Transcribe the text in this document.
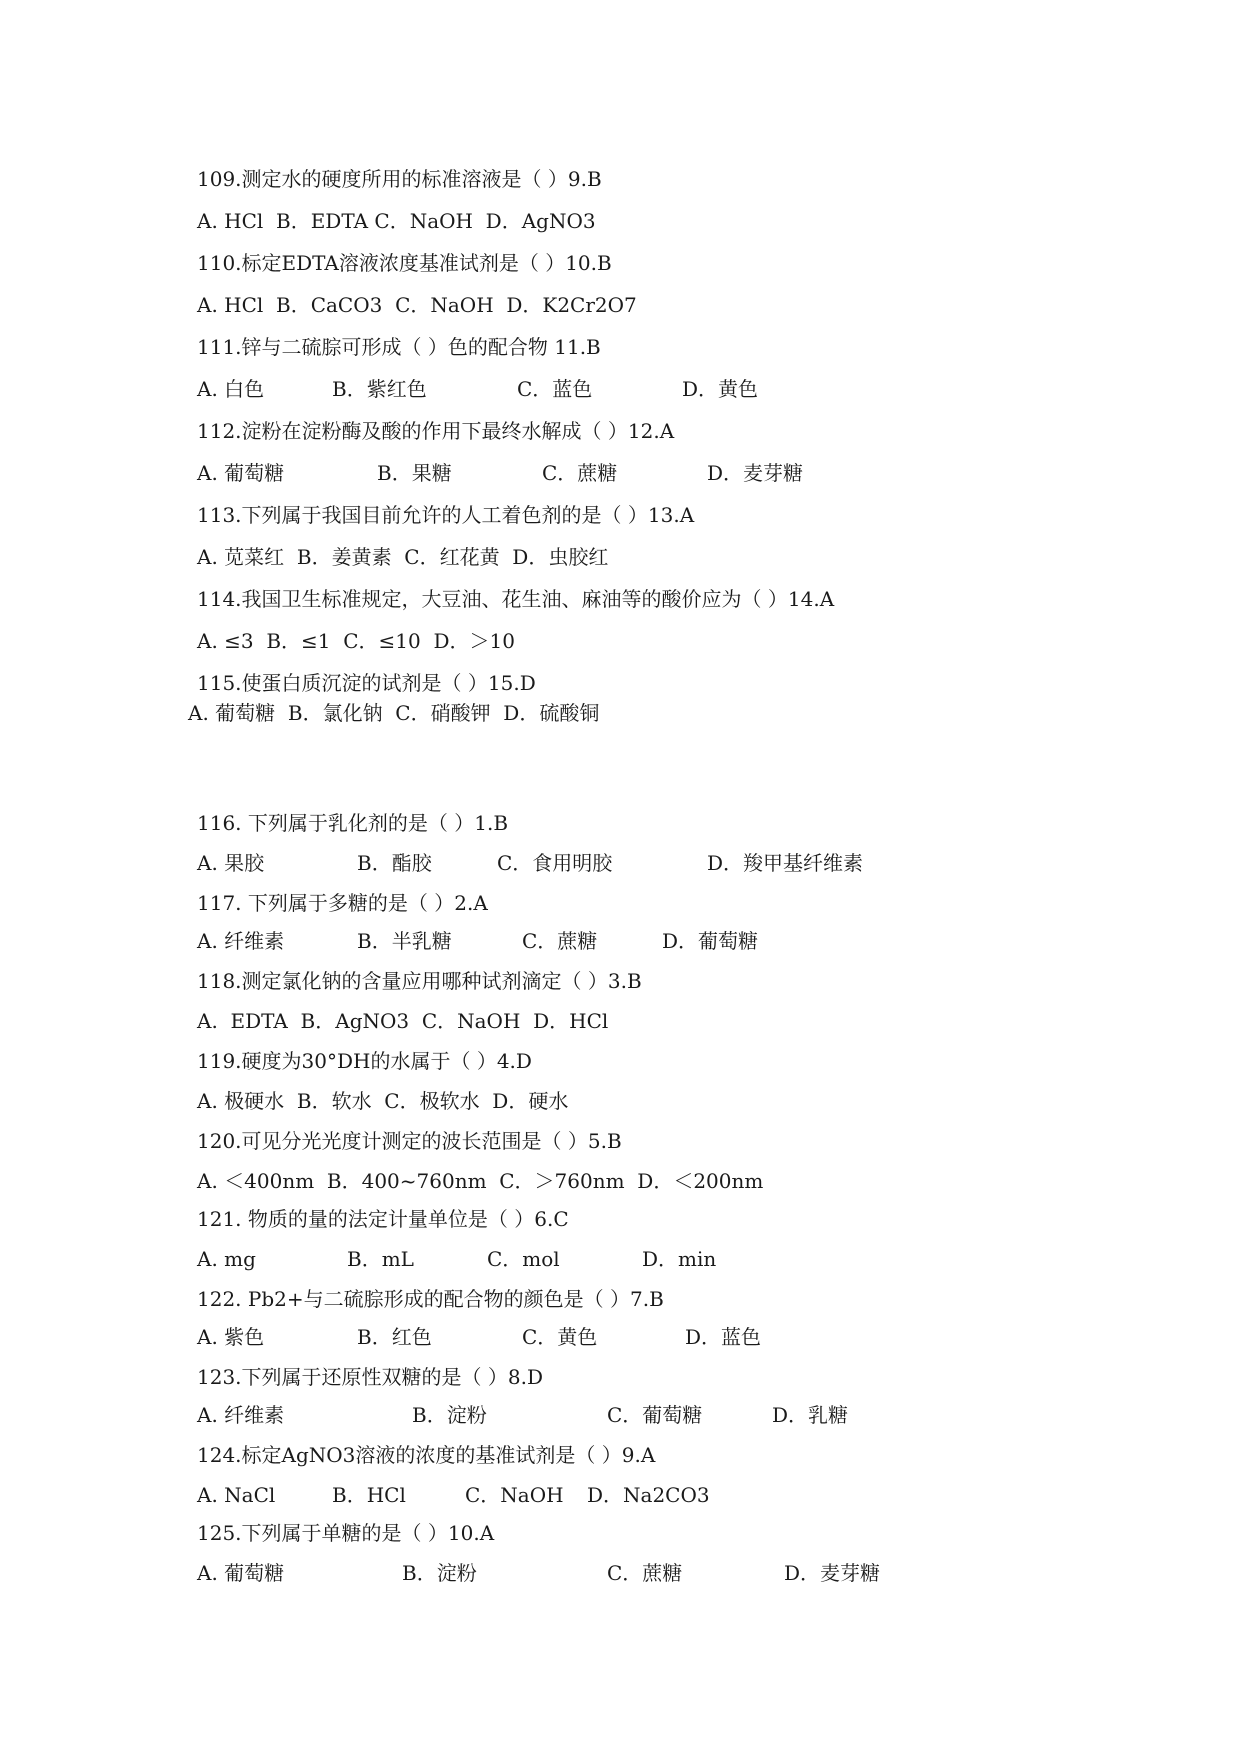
109.测定水的硬度所用的标准溶液是（ ）9.B

A. HCl  B．EDTA C．NaOH  D．AgNO3

110.标定EDTA溶液浓度基准试剂是（ ）10.B

A. HCl  B．CaCO3  C．NaOH  D．K2Cr2O7

111.锌与二硫腙可形成（ ）色的配合物 11.B

A. 白色

	B．紫红色

	C．蓝色

	D．黄色

112.淀粉在淀粉酶及酸的作用下最终水解成（ ）12.A

A. 葡萄糖

	B．果糖

	C．蔗糖

	D．麦芽糖

113.下列属于我国目前允许的人工着色剂的是（ ）13.A

A. 苋菜红  B．姜黄素  C．红花黄  D．虫胶红

114.我国卫生标准规定，大豆油、花生油、麻油等的酸价应为（ ）14.A

A. ≤3  B．≤1  C．≤10  D．＞10

115.使蛋白质沉淀的试剂是（ ）15.D

A. 葡萄糖  B．氯化钠  C．硝酸钾  D．硫酸铜

116. 下列属于乳化剂的是（ ）1.B

A. 果胶

	B．酯胶

	C．食用明胶

	D．羧甲基纤维素

117. 下列属于多糖的是（ ）2.A

A. 纤维素

	B．半乳糖

	C．蔗糖

	D．葡萄糖

118.测定氯化钠的含量应用哪种试剂滴定（ ）3.B

A.  EDTA  B．AgNO3  C．NaOH  D．HCl

119.硬度为30°DH的水属于（ ）4.D

A. 极硬水  B．软水  C．极软水  D．硬水

120.可见分光光度计测定的波长范围是（ ）5.B

A. ＜400nm  B．400~760nm  C．＞760nm  D．＜200nm

121. 物质的量的法定计量单位是（ ）6.C

A. mg

	B．mL

	C．mol

	D．min

122. Pb2+与二硫腙形成的配合物的颜色是（ ）7.B

A. 紫色

	B．红色

	C．黄色

	D．蓝色

123.下列属于还原性双糖的是（ ）8.D

A. 纤维素

	B．淀粉

	C．葡萄糖

	D．乳糖

124.标定AgNO3溶液的浓度的基准试剂是（ ）9.A

A. NaCl

	B．HCl

	C．NaOH

D．Na2CO3

125.下列属于单糖的是（ ）10.A

A. 葡萄糖

	B．淀粉

	C．蔗糖

	D．麦芽糖
